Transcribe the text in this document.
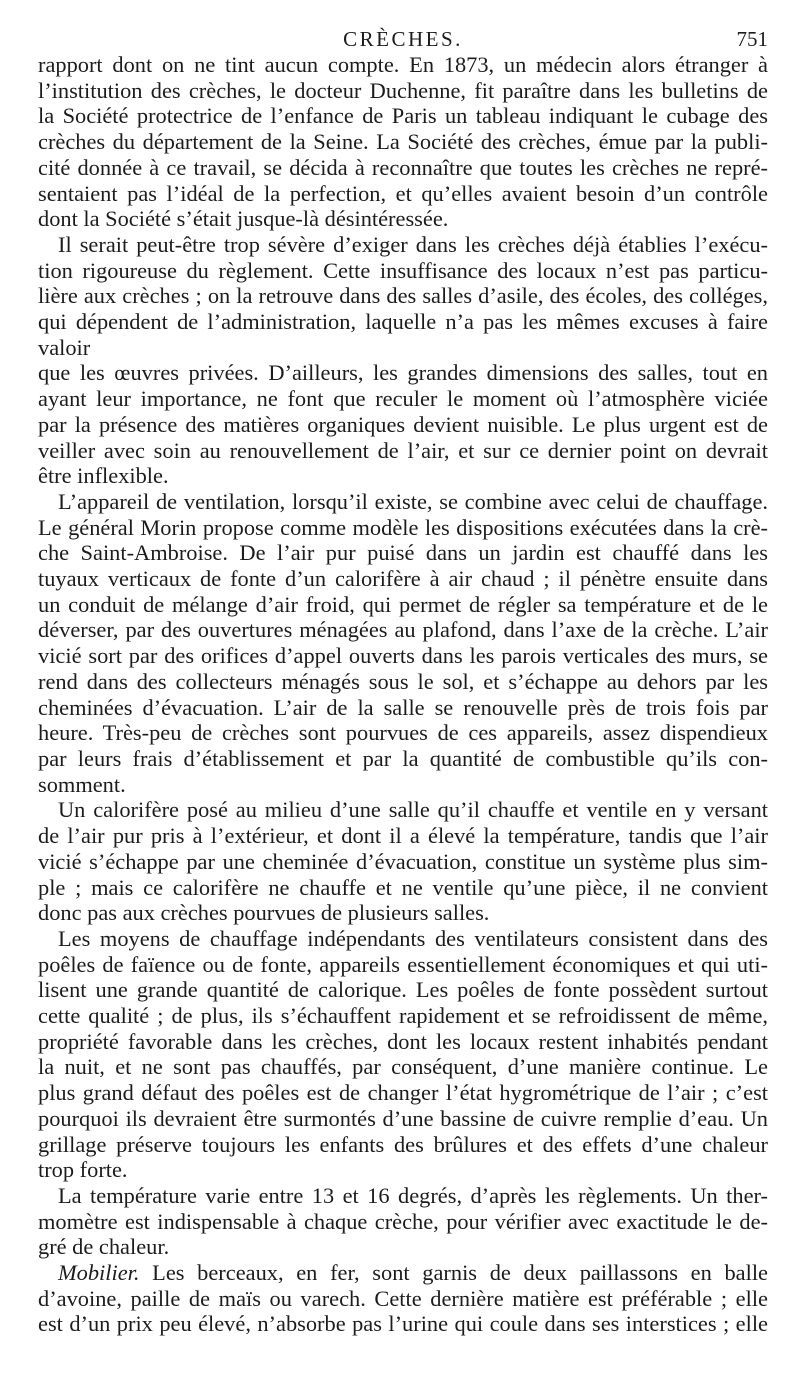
CRÈCHES.	751

rapport dont on ne tint aucun compte. En 1873, un médecin alors étranger à

l’institution des crèches, le docteur Duchenne, fit paraître dans les bulletins de

la Société protectrice de l’enfance de Paris un tableau indiquant le cubage des

crèches du département de la Seine. La Société des crèches, émue par la publi-

cité donnée à ce travail, se décida à reconnaître que toutes les crèches ne repré-

sentaient pas l’idéal de la perfection, et qu’elles avaient besoin d’un contrôle

dont la Société s’était jusque-là désintéressée.

Il serait peut-être trop sévère d’exiger dans les crèches déjà établies l’exécu-

tion rigoureuse du règlement. Cette insuffisance des locaux n’est pas particu-

lière aux crèches ; on la retrouve dans des salles d’asile, des écoles, des colléges,

qui dépendent de l’administration, laquelle n’a pas les mêmes excuses à faire valoir

que les œuvres privées. D’ailleurs, les grandes dimensions des salles, tout en

ayant leur importance, ne font que reculer le moment où l’atmosphère viciée

par la présence des matières organiques devient nuisible. Le plus urgent est de

veiller avec soin au renouvellement de l’air, et sur ce dernier point on devrait

être inflexible.

L’appareil de ventilation, lorsqu’il existe, se combine avec celui de chauffage.

Le général Morin propose comme modèle les dispositions exécutées dans la crè-

che Saint-Ambroise. De l’air pur puisé dans un jardin est chauffé dans les

tuyaux verticaux de fonte d’un calorifère à air chaud ; il pénètre ensuite dans

un conduit de mélange d’air froid, qui permet de régler sa température et de le

déverser, par des ouvertures ménagées au plafond, dans l’axe de la crèche. L’air

vicié sort par des orifices d’appel ouverts dans les parois verticales des murs, se

rend dans des collecteurs ménagés sous le sol, et s’échappe au dehors par les

cheminées d’évacuation. L’air de la salle se renouvelle près de trois fois par

heure. Très-peu de crèches sont pourvues de ces appareils, assez dispendieux

par leurs frais d’établissement et par la quantité de combustible qu’ils con-

somment.

Un calorifère posé au milieu d’une salle qu’il chauffe et ventile en y versant

de l’air pur pris à l’extérieur, et dont il a élevé la température, tandis que l’air

vicié s’échappe par une cheminée d’évacuation, constitue un système plus sim-

ple ; mais ce calorifère ne chauffe et ne ventile qu’une pièce, il ne convient

donc pas aux crèches pourvues de plusieurs salles.

Les moyens de chauffage indépendants des ventilateurs consistent dans des

poêles de faïence ou de fonte, appareils essentiellement économiques et qui uti-

lisent une grande quantité de calorique. Les poêles de fonte possèdent surtout

cette qualité ; de plus, ils s’échauffent rapidement et se refroidissent de même,

propriété favorable dans les crèches, dont les locaux restent inhabités pendant

la nuit, et ne sont pas chauffés, par conséquent, d’une manière continue. Le

plus grand défaut des poêles est de changer l’état hygrométrique de l’air ; c’est

pourquoi ils devraient être surmontés d’une bassine de cuivre remplie d’eau. Un

grillage préserve toujours les enfants des brûlures et des effets d’une chaleur

trop forte.

La température varie entre 13 et 16 degrés, d’après les règlements. Un ther-

momètre est indispensable à chaque crèche, pour vérifier avec exactitude le de-

gré de chaleur.

Mobilier. Les berceaux, en fer, sont garnis de deux paillassons en balle

d’avoine, paille de maïs ou varech. Cette dernière matière est préférable ; elle

est d’un prix peu élevé, n’absorbe pas l’urine qui coule dans ses interstices ; elle
